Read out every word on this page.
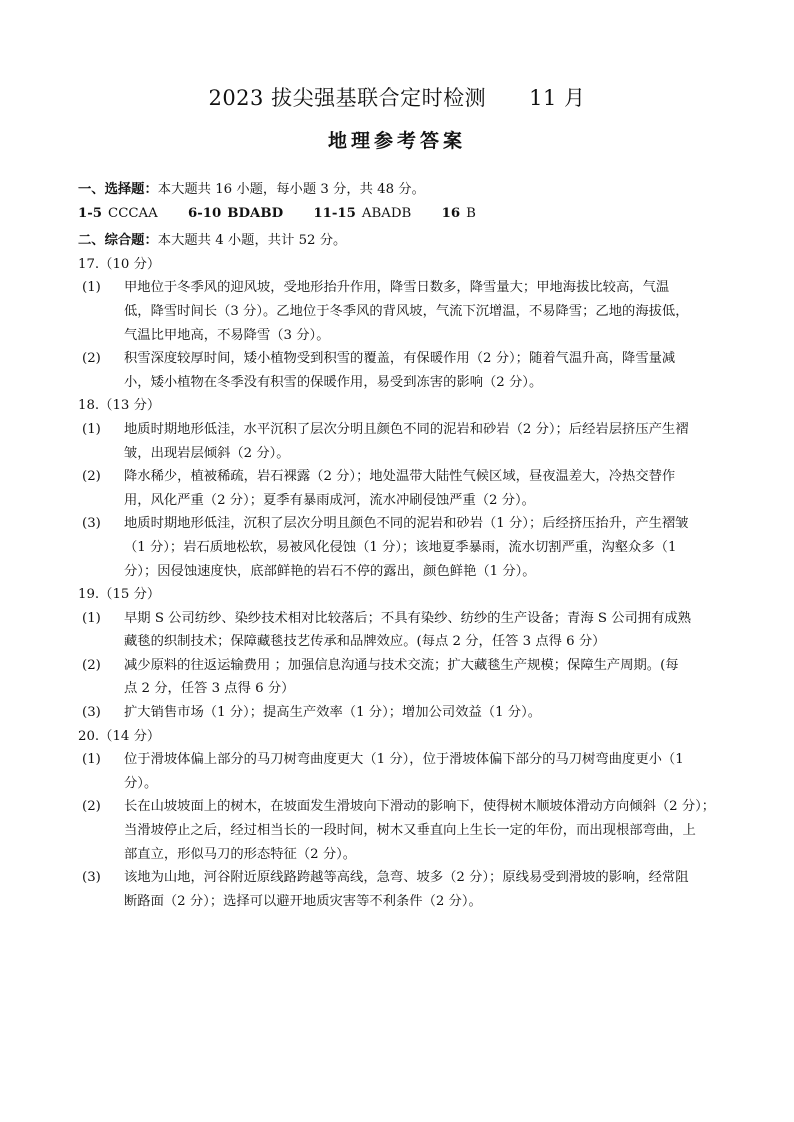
2023 拔尖强基联合定时检测      11 月
地理参考答案
一、选择题：本大题共 16 小题，每小题 3 分，共 48 分。
1-5 CCCAA 6-10 BDABD 11-15 ABADB 16 B
二、综合题：本大题共 4 小题，共计 52 分。
17.（10 分）
(1)	甲地位于冬季风的迎风坡，受地形抬升作用，降雪日数多，降雪量大；甲地海拔比较高，气温
低，降雪时间长（3 分）。乙地位于冬季风的背风坡，气流下沉增温，不易降雪；乙地的海拔低，
气温比甲地高，不易降雪（3 分）。
(2)	积雪深度较厚时间，矮小植物受到积雪的覆盖，有保暖作用（2 分）；随着气温升高，降雪量减
小，矮小植物在冬季没有积雪的保暖作用，易受到冻害的影响（2 分）。
18.（13 分）
(1)	地质时期地形低洼，水平沉积了层次分明且颜色不同的泥岩和砂岩（2 分）；后经岩层挤压产生褶
皱，出现岩层倾斜（2 分）。
(2)	降水稀少，植被稀疏，岩石裸露（2 分）；地处温带大陆性气候区域，昼夜温差大，冷热交替作
用，风化严重（2 分）；夏季有暴雨成河，流水冲刷侵蚀严重（2 分）。
(3)	地质时期地形低洼，沉积了层次分明且颜色不同的泥岩和砂岩（1 分）；后经挤压抬升，产生褶皱
（1 分）；岩石质地松软，易被风化侵蚀（1 分）；该地夏季暴雨，流水切割严重，沟壑众多（1
分）；因侵蚀速度快，底部鲜艳的岩石不停的露出，颜色鲜艳（1 分）。
19.（15 分）
(1)	早期 S 公司纺纱、染纱技术相对比较落后；不具有染纱、纺纱的生产设备；青海 S 公司拥有成熟
藏毯的织制技术；保障藏毯技艺传承和品牌效应。(每点 2 分，任答 3 点得 6 分）
(2)	减少原料的往返运输费用 ；加强信息沟通与技术交流；扩大藏毯生产规模；保障生产周期。(每
点 2 分，任答 3 点得 6 分）
(3)	扩大销售市场（1 分）；提高生产效率（1 分）；增加公司效益（1 分）。
20.（14 分）
(1)	位于滑坡体偏上部分的马刀树弯曲度更大（1 分），位于滑坡体偏下部分的马刀树弯曲度更小（1
分）。
(2)	长在山坡坡面上的树木，在坡面发生滑坡向下滑动的影响下，使得树木顺坡体滑动方向倾斜（2 分）；
当滑坡停止之后，经过相当长的一段时间，树木又垂直向上生长一定的年份，而出现根部弯曲，上
部直立，形似马刀的形态特征（2 分）。
(3)	该地为山地，河谷附近原线路跨越等高线，急弯、坡多（2 分）；原线易受到滑坡的影响，经常阻
断路面（2 分）；选择可以避开地质灾害等不利条件（2 分）。
